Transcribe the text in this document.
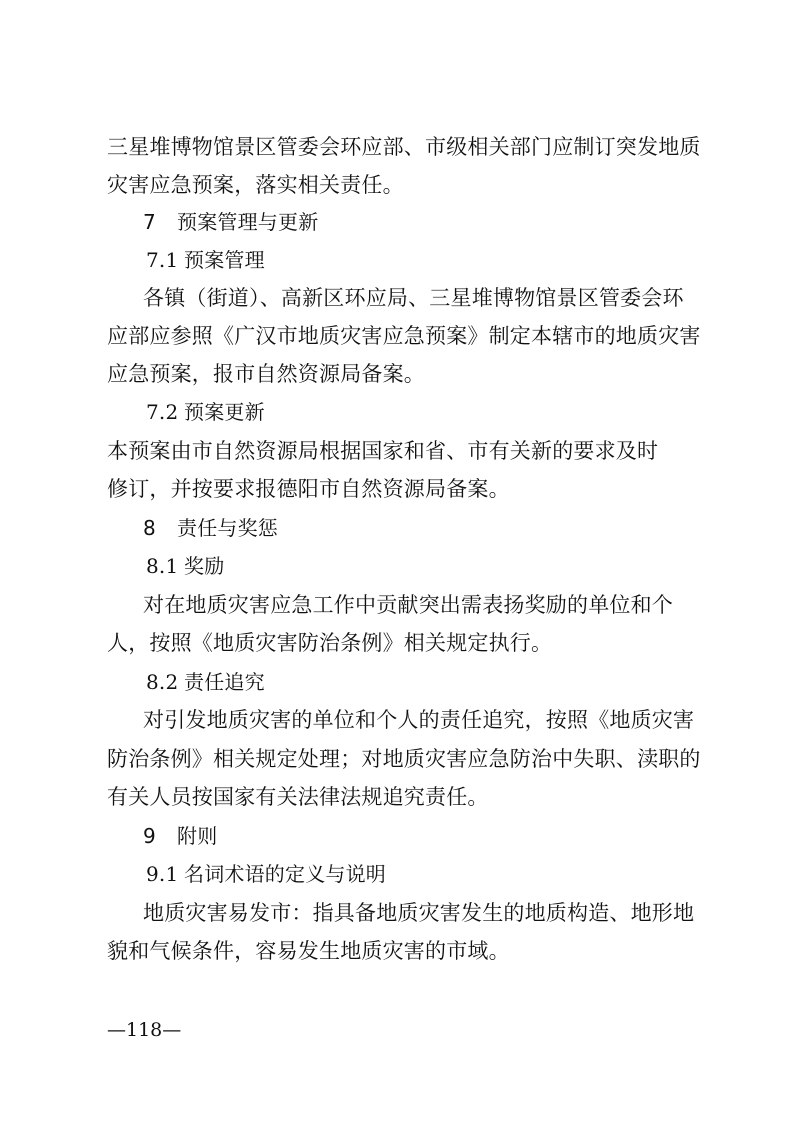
三星堆博物馆景区管委会环应部、市级相关部门应制订突发地质
灾害应急预案，落实相关责任。
7 预案管理与更新
7.1 预案管理
各镇（街道）、高新区环应局、三星堆博物馆景区管委会环
应部应参照《广汉市地质灾害应急预案》制定本辖市的地质灾害
应急预案，报市自然资源局备案。
7.2 预案更新
本预案由市自然资源局根据国家和省、市有关新的要求及时
修订，并按要求报德阳市自然资源局备案。
8 责任与奖惩
8.1 奖励
对在地质灾害应急工作中贡献突出需表扬奖励的单位和个
人，按照《地质灾害防治条例》相关规定执行。
8.2 责任追究
对引发地质灾害的单位和个人的责任追究，按照《地质灾害
防治条例》相关规定处理；对地质灾害应急防治中失职、渎职的
有关人员按国家有关法律法规追究责任。
9 附则
9.1 名词术语的定义与说明
地质灾害易发市：指具备地质灾害发生的地质构造、地形地
貌和气候条件，容易发生地质灾害的市域。
—118—
